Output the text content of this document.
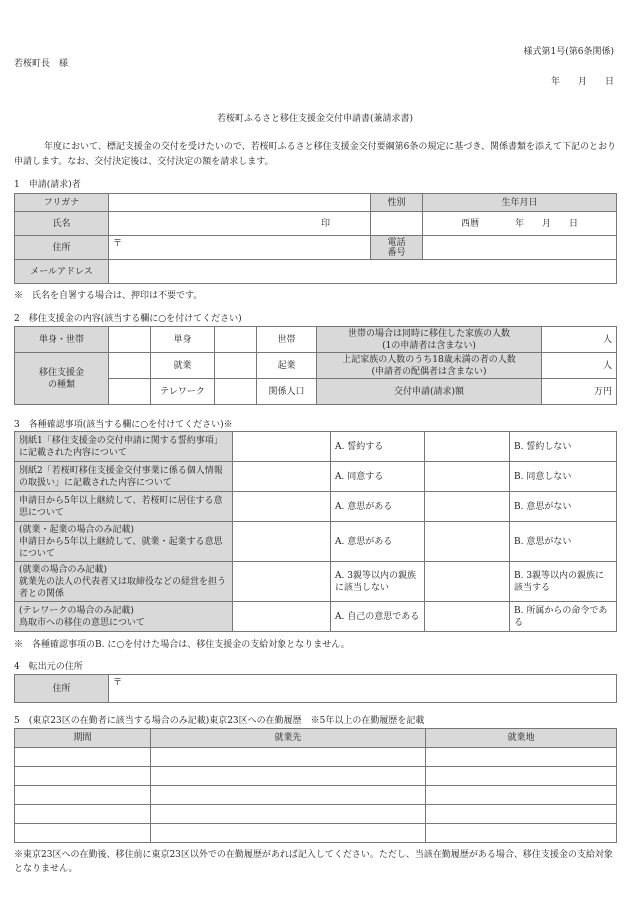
様式第1号(第6条関係)
若桜町長　様
年　　月　　日
若桜町ふるさと移住支援金交付申請書(兼請求書)

年度において、標記支援金の交付を受けたいので、若桜町ふるさと移住支援金交付要綱第6条の規定に基づき、関係書類を添えて下記のとおり申請します。なお、交付決定後は、交付決定の額を請求します。

1　申請(請求)者
フリガナ		性別	生年月日
氏名	印		西暦　　　　年　　月　　日
住所	〒	電話
番号	
メールアドレス			
※　氏名を自署する場合は、押印は不要です。
2　移住支援金の内容(該当する欄に○を付けてください)
単身・世帯		単身		世帯	世帯の場合は同時に移住した家族の人数
(1の申請者は含まない)	人
移住支援金
の種類		就業		起業	上記家族の人数のうち18歳未満の者の人数
(申請者の配偶者は含まない)	人
		テレワーク		関係人口	交付申請(請求)額	万円
3　各種確認事項(該当する欄に○を付けてください)※
別紙1「移住支援金の交付申請に関する誓約事項」に記載された内容について		A. 誓約する		B. 誓約しない
別紙2「若桜町移住支援金交付事業に係る個人情報の取扱い」に記載された内容について		A. 同意する		B. 同意しない
申請日から5年以上継続して、若桜町に居住する意思について		A. 意思がある		B. 意思がない
(就業・起業の場合のみ記載)
申請日から5年以上継続して、就業・起業する意思について		A. 意思がある		B. 意思がない
(就業の場合のみ記載)
就業先の法人の代表者又は取締役などの経営を担う者との関係		A. 3親等以内の親族に該当しない		B. 3親等以内の親族に該当する
(テレワークの場合のみ記載)
鳥取市への移住の意思について		A. 自己の意思である		B. 所属からの命令である
※　各種確認事項のB. に○を付けた場合は、移住支援金の支給対象となりません。
4　転出元の住所
住所	〒
5　(東京23区の在勤者に該当する場合のみ記載)東京23区への在勤履歴　※5年以上の在勤履歴を記載
期間	就業先	就業地

※東京23区への在勤後、移住前に東京23区以外での在勤履歴があれば記入してください。ただし、当該在勤履歴がある場合、移住支援金の支給対象となりません。
